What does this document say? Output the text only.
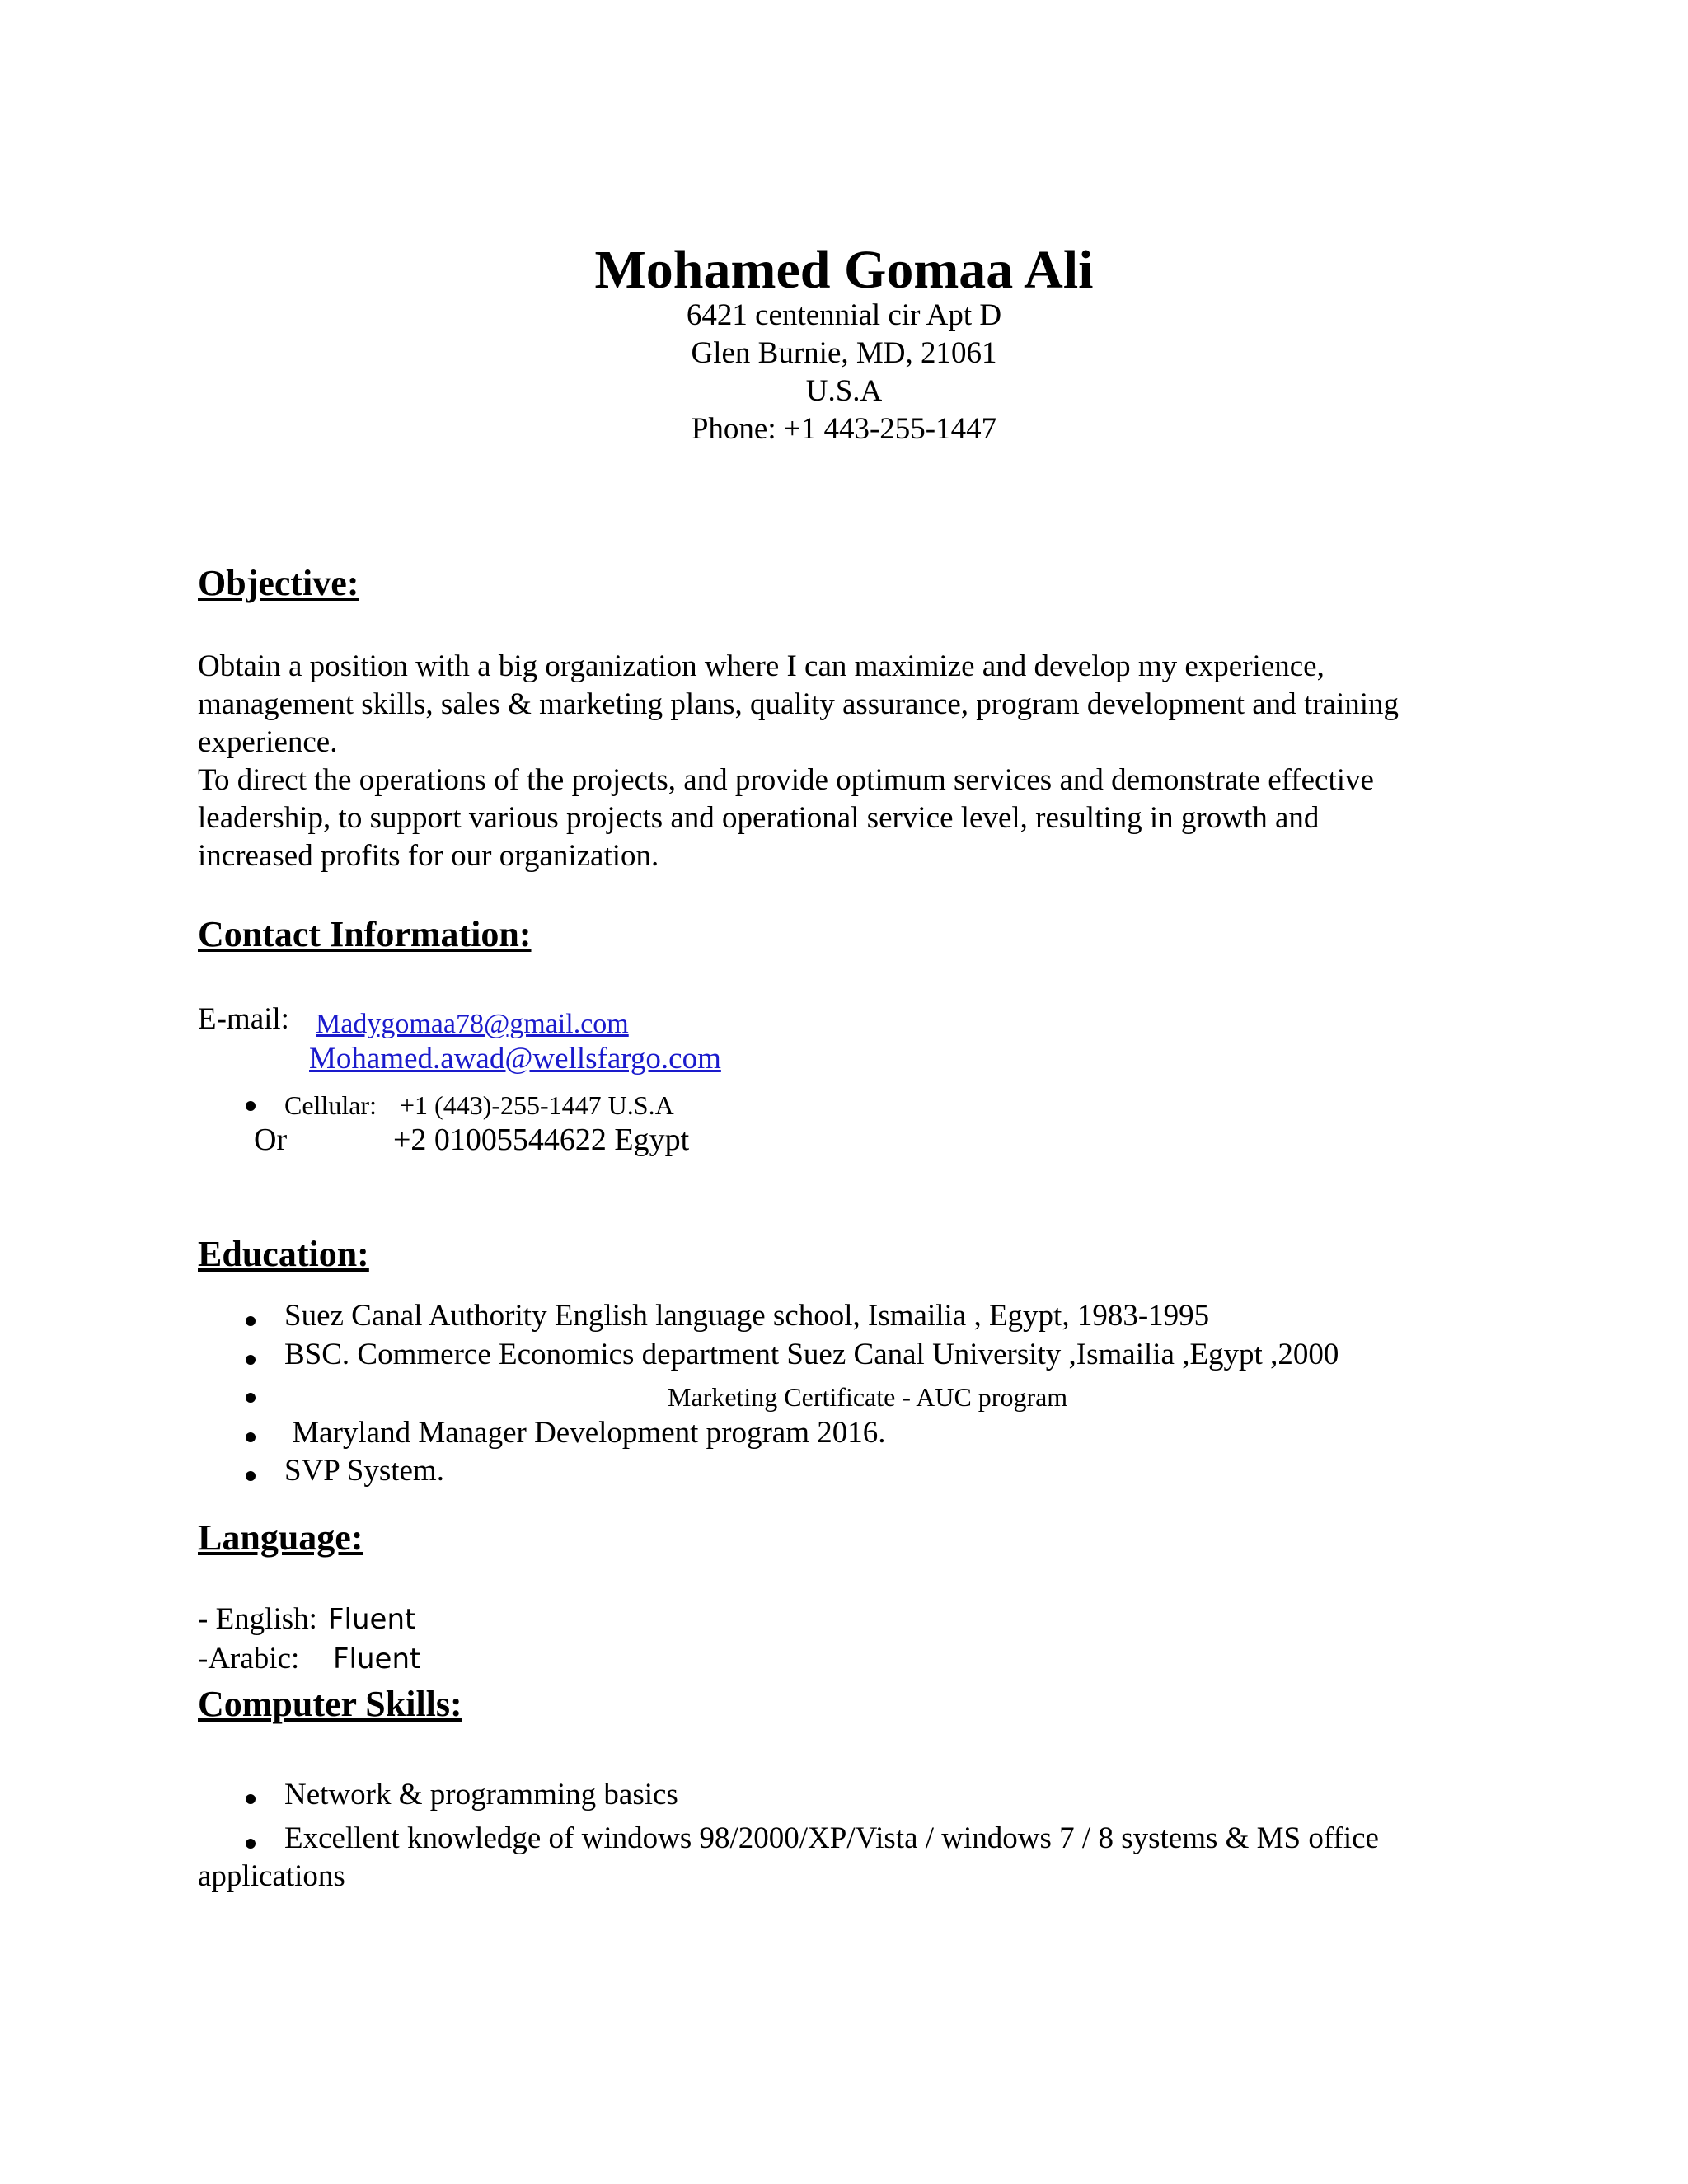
Mohamed Gomaa Ali
6421 centennial cir Apt D
Glen Burnie, MD, 21061
U.S.A
Phone: +1 443-255-1447
Objective:
Obtain a position with a big organization where I can maximize and develop my experience,
management skills, sales & marketing plans, quality assurance, program development and training
experience.
To direct the operations of the projects, and provide optimum services and demonstrate effective
leadership, to support various projects and operational service level, resulting in growth and
increased profits for our organization.
Contact Information:
E-mail: Madygomaa78@gmail.com
Mohamed.awad@wellsfargo.com
Cellular: +1 (443)-255-1447 U.S.A
Or	+2 01005544622 Egypt
Education:
Suez Canal Authority English language school, Ismailia , Egypt, 1983-1995
BSC. Commerce Economics department Suez Canal University ,Ismailia ,Egypt ,2000
Marketing Certificate - AUC program
Maryland Manager Development program 2016.
SVP System.
Language:
- English: Fluent
-Arabic: Fluent
Computer Skills:
Network & programming basics
Excellent knowledge of windows 98/2000/XP/Vista / windows 7 / 8 systems & MS office
applications
